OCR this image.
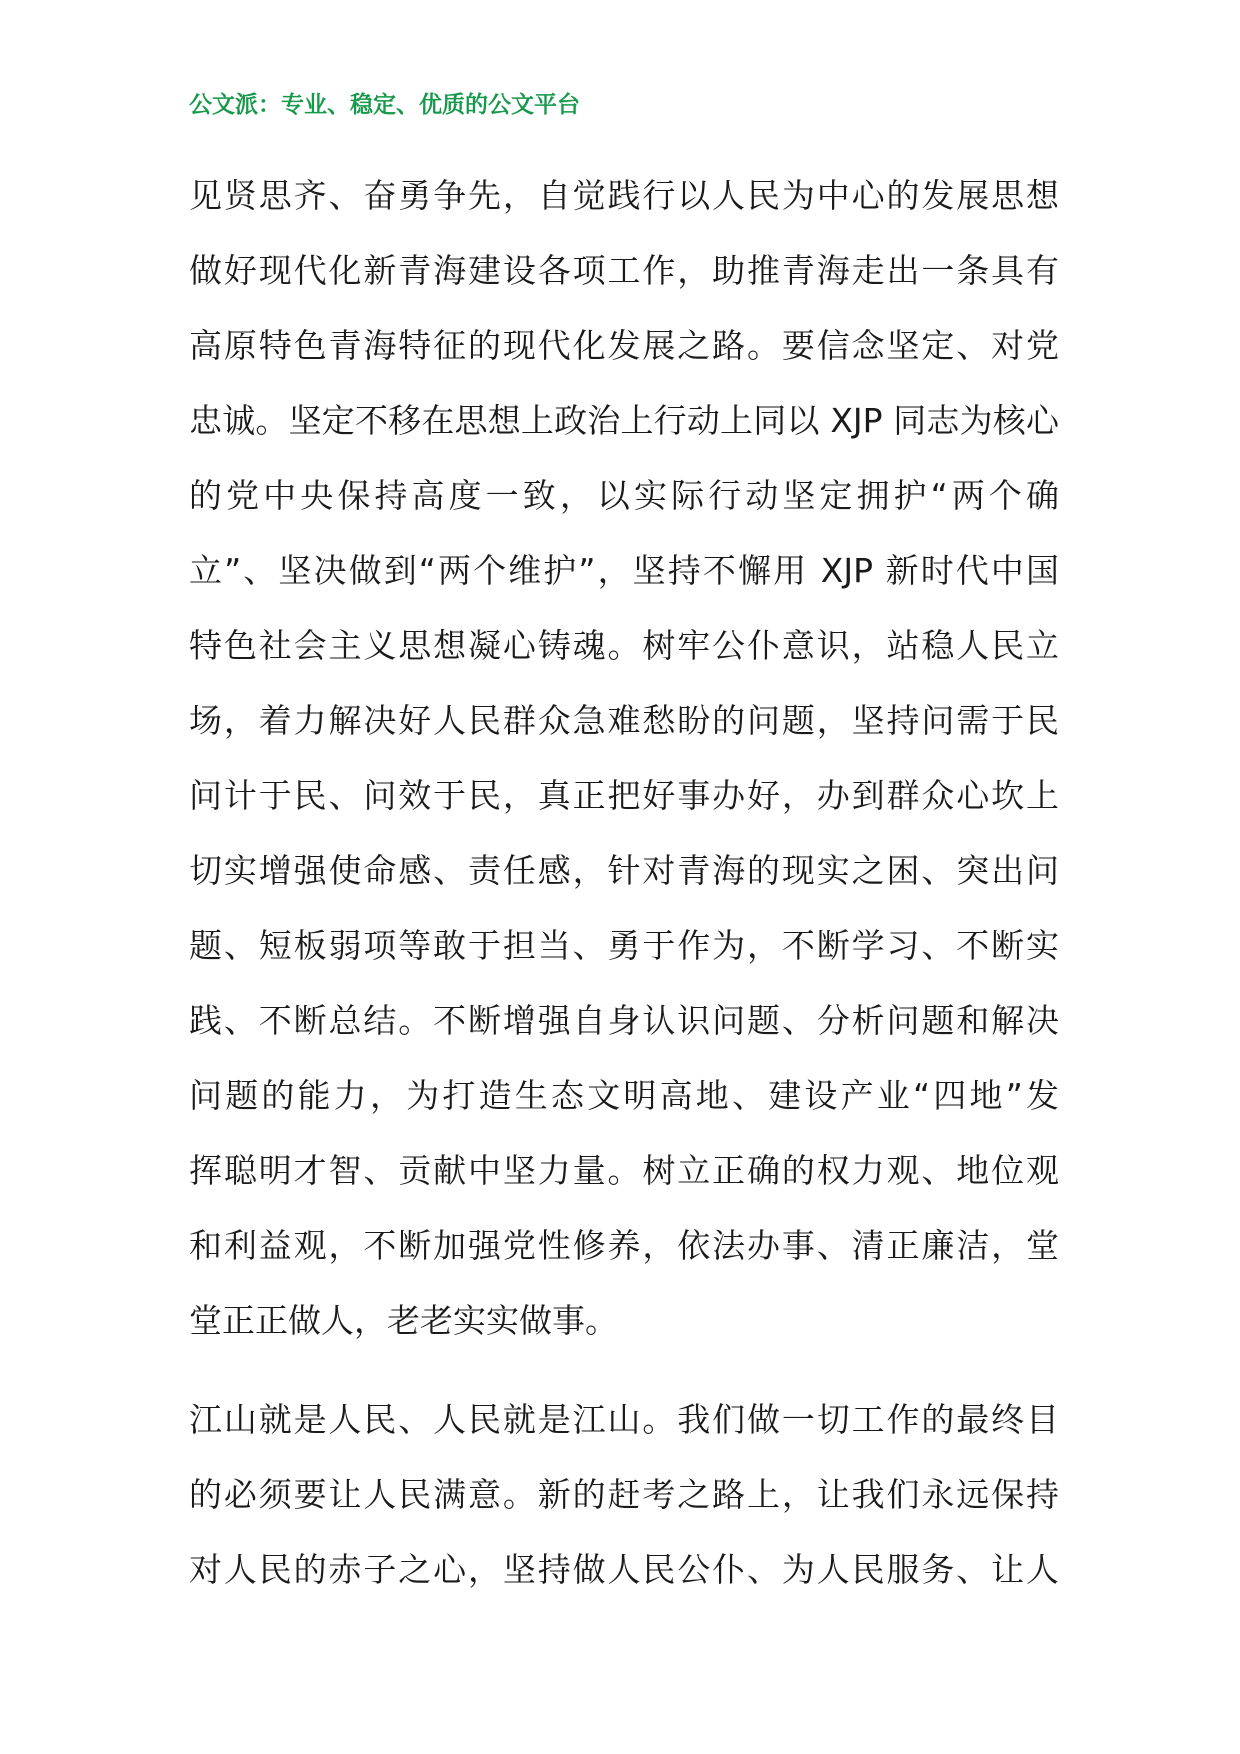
公文派：专业、稳定、优质的公文平台
见贤思齐、奋勇争先，自觉践行以人民为中心的发展思想
做好现代化新青海建设各项工作，助推青海走出一条具有
高原特色青海特征的现代化发展之路。要信念坚定、对党
忠诚。坚定不移在思想上政治上行动上同以 XJP 同志为核心
的党中央保持高度一致，以实际行动坚定拥护“两个确
立”、坚决做到“两个维护”，坚持不懈用 XJP 新时代中国
特色社会主义思想凝心铸魂。树牢公仆意识，站稳人民立
场，着力解决好人民群众急难愁盼的问题，坚持问需于民
问计于民、问效于民，真正把好事办好，办到群众心坎上
切实增强使命感、责任感，针对青海的现实之困、突出问
题、短板弱项等敢于担当、勇于作为，不断学习、不断实
践、不断总结。不断增强自身认识问题、分析问题和解决
问题的能力，为打造生态文明高地、建设产业“四地”发
挥聪明才智、贡献中坚力量。树立正确的权力观、地位观
和利益观，不断加强党性修养，依法办事、清正廉洁，堂
堂正正做人，老老实实做事。
江山就是人民、人民就是江山。我们做一切工作的最终目
的必须要让人民满意。新的赶考之路上，让我们永远保持
对人民的赤子之心，坚持做人民公仆、为人民服务、让人
